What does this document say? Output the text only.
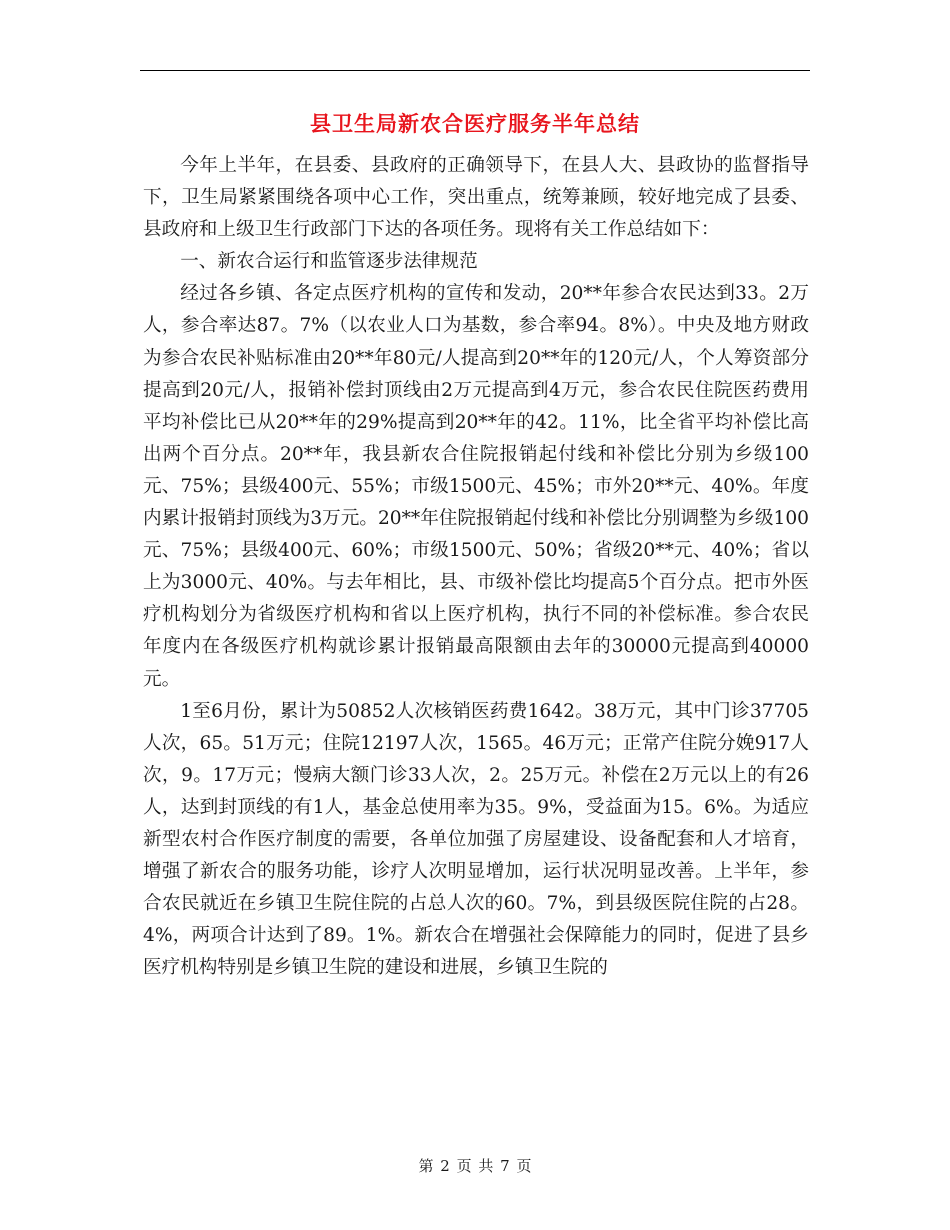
县卫生局新农合医疗服务半年总结

今年上半年，在县委、县政府的正确领导下，在县人大、县政协的监督指导下，卫生局紧紧围绕各项中心工作，突出重点，统筹兼顾，较好地完成了县委、县政府和上级卫生行政部门下达的各项任务。现将有关工作总结如下：

一、新农合运行和监管逐步法律规范

经过各乡镇、各定点医疗机构的宣传和发动，20**年参合农民达到33。2万人，参合率达87。7%（以农业人口为基数，参合率94。8%）。中央及地方财政为参合农民补贴标准由20**年80元/人提高到20**年的120元/人，个人筹资部分提高到20元/人，报销补偿封顶线由2万元提高到4万元，参合农民住院医药费用平均补偿比已从20**年的29%提高到20**年的42。11%，比全省平均补偿比高出两个百分点。20**年，我县新农合住院报销起付线和补偿比分别为乡级100元、75%；县级400元、55%；市级1500元、45%；市外20**元、40%。年度内累计报销封顶线为3万元。20**年住院报销起付线和补偿比分别调整为乡级100元、75%；县级400元、60%；市级1500元、50%；省级20**元、40%；省以上为3000元、40%。与去年相比，县、市级补偿比均提高5个百分点。把市外医疗机构划分为省级医疗机构和省以上医疗机构，执行不同的补偿标准。参合农民年度内在各级医疗机构就诊累计报销最高限额由去年的30000元提高到40000元。

1至6月份，累计为50852人次核销医药费1642。38万元，其中门诊37705人次，65。51万元；住院12197人次，1565。46万元；正常产住院分娩917人次，9。17万元；慢病大额门诊33人次，2。25万元。补偿在2万元以上的有26人，达到封顶线的有1人，基金总使用率为35。9%，受益面为15。6%。为适应新型农村合作医疗制度的需要，各单位加强了房屋建设、设备配套和人才培育，增强了新农合的服务功能，诊疗人次明显增加，运行状况明显改善。上半年，参合农民就近在乡镇卫生院住院的占总人次的60。7%，到县级医院住院的占28。4%，两项合计达到了89。1%。新农合在增强社会保障能力的同时，促进了县乡医疗机构特别是乡镇卫生院的建设和进展，乡镇卫生院的

第 2 页 共 7 页
